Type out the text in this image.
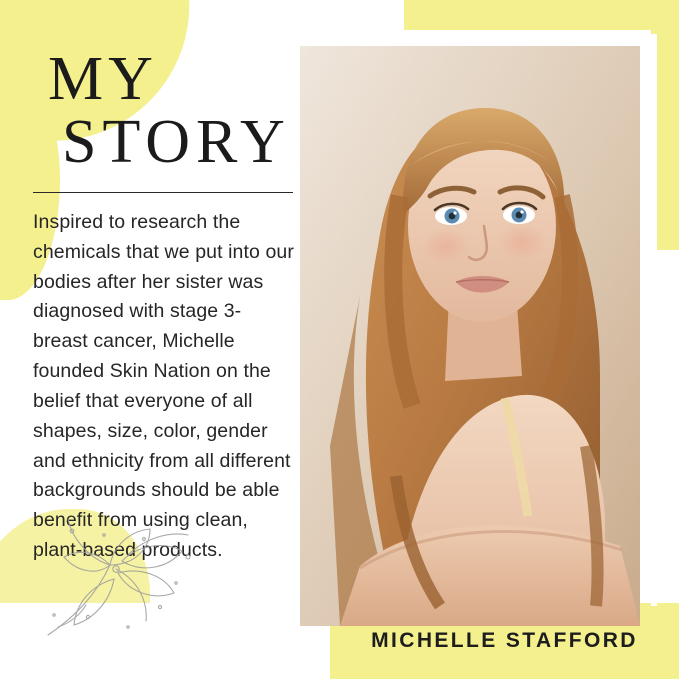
MY
STORY
Inspired to research the chemicals that we put into our bodies after her sister was diagnosed with stage 3-breast cancer, Michelle founded Skin Nation on the belief that everyone of all shapes, size, color, gender and ethnicity from all different backgrounds should be able benefit from using clean, plant-based products.
MICHELLE STAFFORD
